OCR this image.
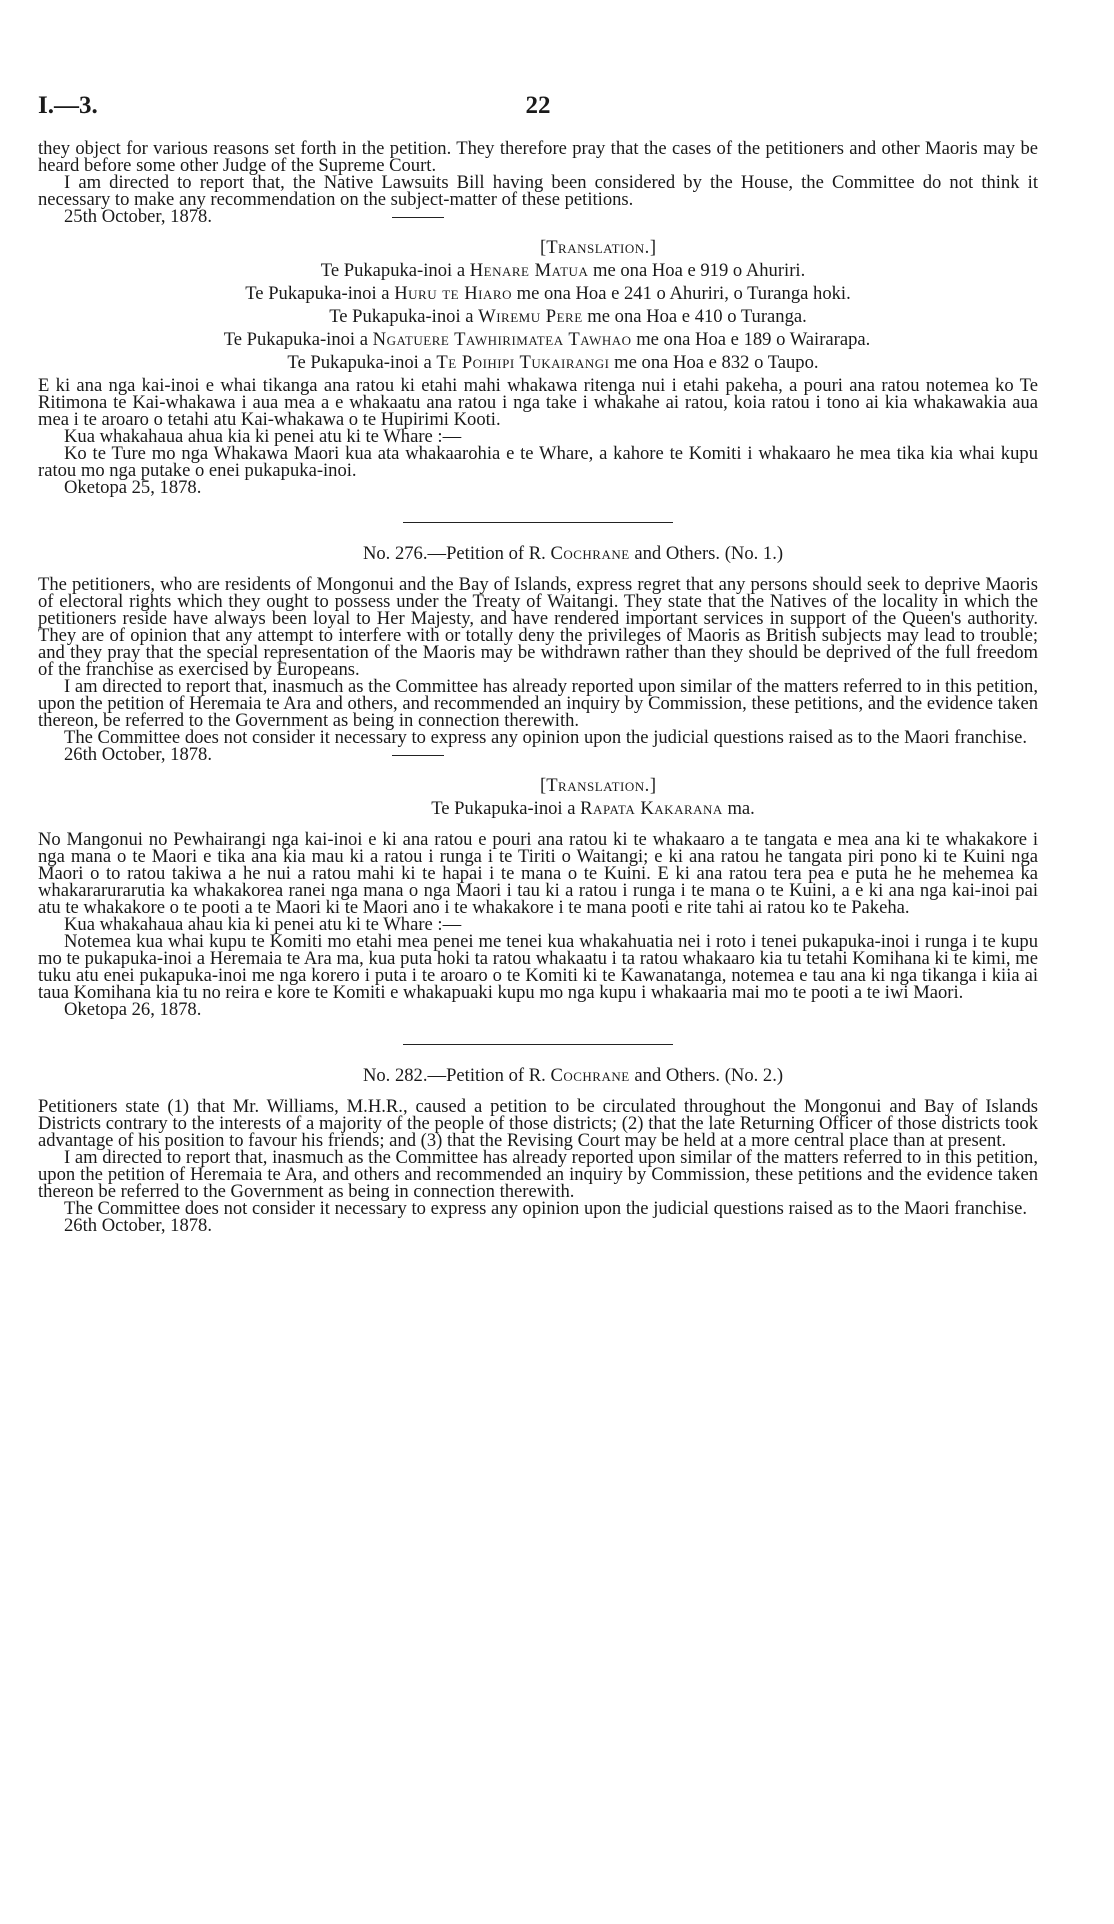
22
I.—3.

they object for various reasons set forth in the petition. They therefore pray that the cases of the petitioners and other Maoris may be heard before some other Judge of the Supreme Court.

I am directed to report that, the Native Lawsuits Bill having been considered by the House, the Committee do not think it necessary to make any recommendation on the subject-matter of these petitions.

25th October, 1878.

[Translation.]

Te Pukapuka-inoi a Henare Matua me ona Hoa e 919 o Ahuriri.

Te Pukapuka-inoi a Huru te Hiaro me ona Hoa e 241 o Ahuriri, o Turanga hoki.

Te Pukapuka-inoi a Wiremu Pere me ona Hoa e 410 o Turanga.

Te Pukapuka-inoi a Ngatuere Tawhirimatea Tawhao me ona Hoa e 189 o Wairarapa.

Te Pukapuka-inoi a Te Poihipi Tukairangi me ona Hoa e 832 o Taupo.

E ki ana nga kai-inoi e whai tikanga ana ratou ki etahi mahi whakawa ritenga nui i etahi pakeha, a pouri ana ratou notemea ko Te Ritimona te Kai-whakawa i aua mea a e whakaatu ana ratou i nga take i whakahe ai ratou, koia ratou i tono ai kia whakawakia aua mea i te aroaro o tetahi atu Kai-whakawa o te Hupirimi Kooti.

Kua whakahaua ahua kia ki penei atu ki te Whare :—

Ko te Ture mo nga Whakawa Maori kua ata whakaarohia e te Whare, a kahore te Komiti i whakaaro he mea tika kia whai kupu ratou mo nga putake o enei pukapuka-inoi.

Oketopa 25, 1878.

No. 276.—Petition of R. Cochrane and Others. (No. 1.)

The petitioners, who are residents of Mongonui and the Bay of Islands, express regret that any persons should seek to deprive Maoris of electoral rights which they ought to possess under the Treaty of Waitangi. They state that the Natives of the locality in which the petitioners reside have always been loyal to Her Majesty, and have rendered important services in support of the Queen's authority. They are of opinion that any attempt to interfere with or totally deny the privileges of Maoris as British subjects may lead to trouble; and they pray that the special representation of the Maoris may be withdrawn rather than they should be deprived of the full freedom of the franchise as exercised by Europeans.

I am directed to report that, inasmuch as the Committee has already reported upon similar of the matters referred to in this petition, upon the petition of Heremaia te Ara and others, and recommended an inquiry by Commission, these petitions, and the evidence taken thereon, be referred to the Government as being in connection therewith.

The Committee does not consider it necessary to express any opinion upon the judicial questions raised as to the Maori franchise.

26th October, 1878.

[Translation.]

Te Pukapuka-inoi a Rapata Kakarana ma.

No Mangonui no Pewhairangi nga kai-inoi e ki ana ratou e pouri ana ratou ki te whakaaro a te tangata e mea ana ki te whakakore i nga mana o te Maori e tika ana kia mau ki a ratou i runga i te Tiriti o Waitangi; e ki ana ratou he tangata piri pono ki te Kuini nga Maori o to ratou takiwa a he nui a ratou mahi ki te hapai i te mana o te Kuini. E ki ana ratou tera pea e puta he he mehemea ka whakararurarutia ka whakakorea ranei nga mana o nga Maori i tau ki a ratou i runga i te mana o te Kuini, a e ki ana nga kai-inoi pai atu te whakakore o te pooti a te Maori ki te Maori ano i te whakakore i te mana pooti e rite tahi ai ratou ko te Pakeha.

Kua whakahaua ahau kia ki penei atu ki te Whare :—

Notemea kua whai kupu te Komiti mo etahi mea penei me tenei kua whakahuatia nei i roto i tenei pukapuka-inoi i runga i te kupu mo te pukapuka-inoi a Heremaia te Ara ma, kua puta hoki ta ratou whakaatu i ta ratou whakaaro kia tu tetahi Komihana ki te kimi, me tuku atu enei pukapuka-inoi me nga korero i puta i te aroaro o te Komiti ki te Kawanatanga, notemea e tau ana ki nga tikanga i kiia ai taua Komihana kia tu no reira e kore te Komiti e whakapuaki kupu mo nga kupu i whakaaria mai mo te pooti a te iwi Maori.

Oketopa 26, 1878.

No. 282.—Petition of R. Cochrane and Others. (No. 2.)

Petitioners state (1) that Mr. Williams, M.H.R., caused a petition to be circulated throughout the Mongonui and Bay of Islands Districts contrary to the interests of a majority of the people of those districts; (2) that the late Returning Officer of those districts took advantage of his position to favour his friends; and (3) that the Revising Court may be held at a more central place than at present.

I am directed to report that, inasmuch as the Committee has already reported upon similar of the matters referred to in this petition, upon the petition of Heremaia te Ara, and others and recommended an inquiry by Commission, these petitions and the evidence taken thereon be referred to the Government as being in connection therewith.

The Committee does not consider it necessary to express any opinion upon the judicial questions raised as to the Maori franchise.

26th October, 1878.
